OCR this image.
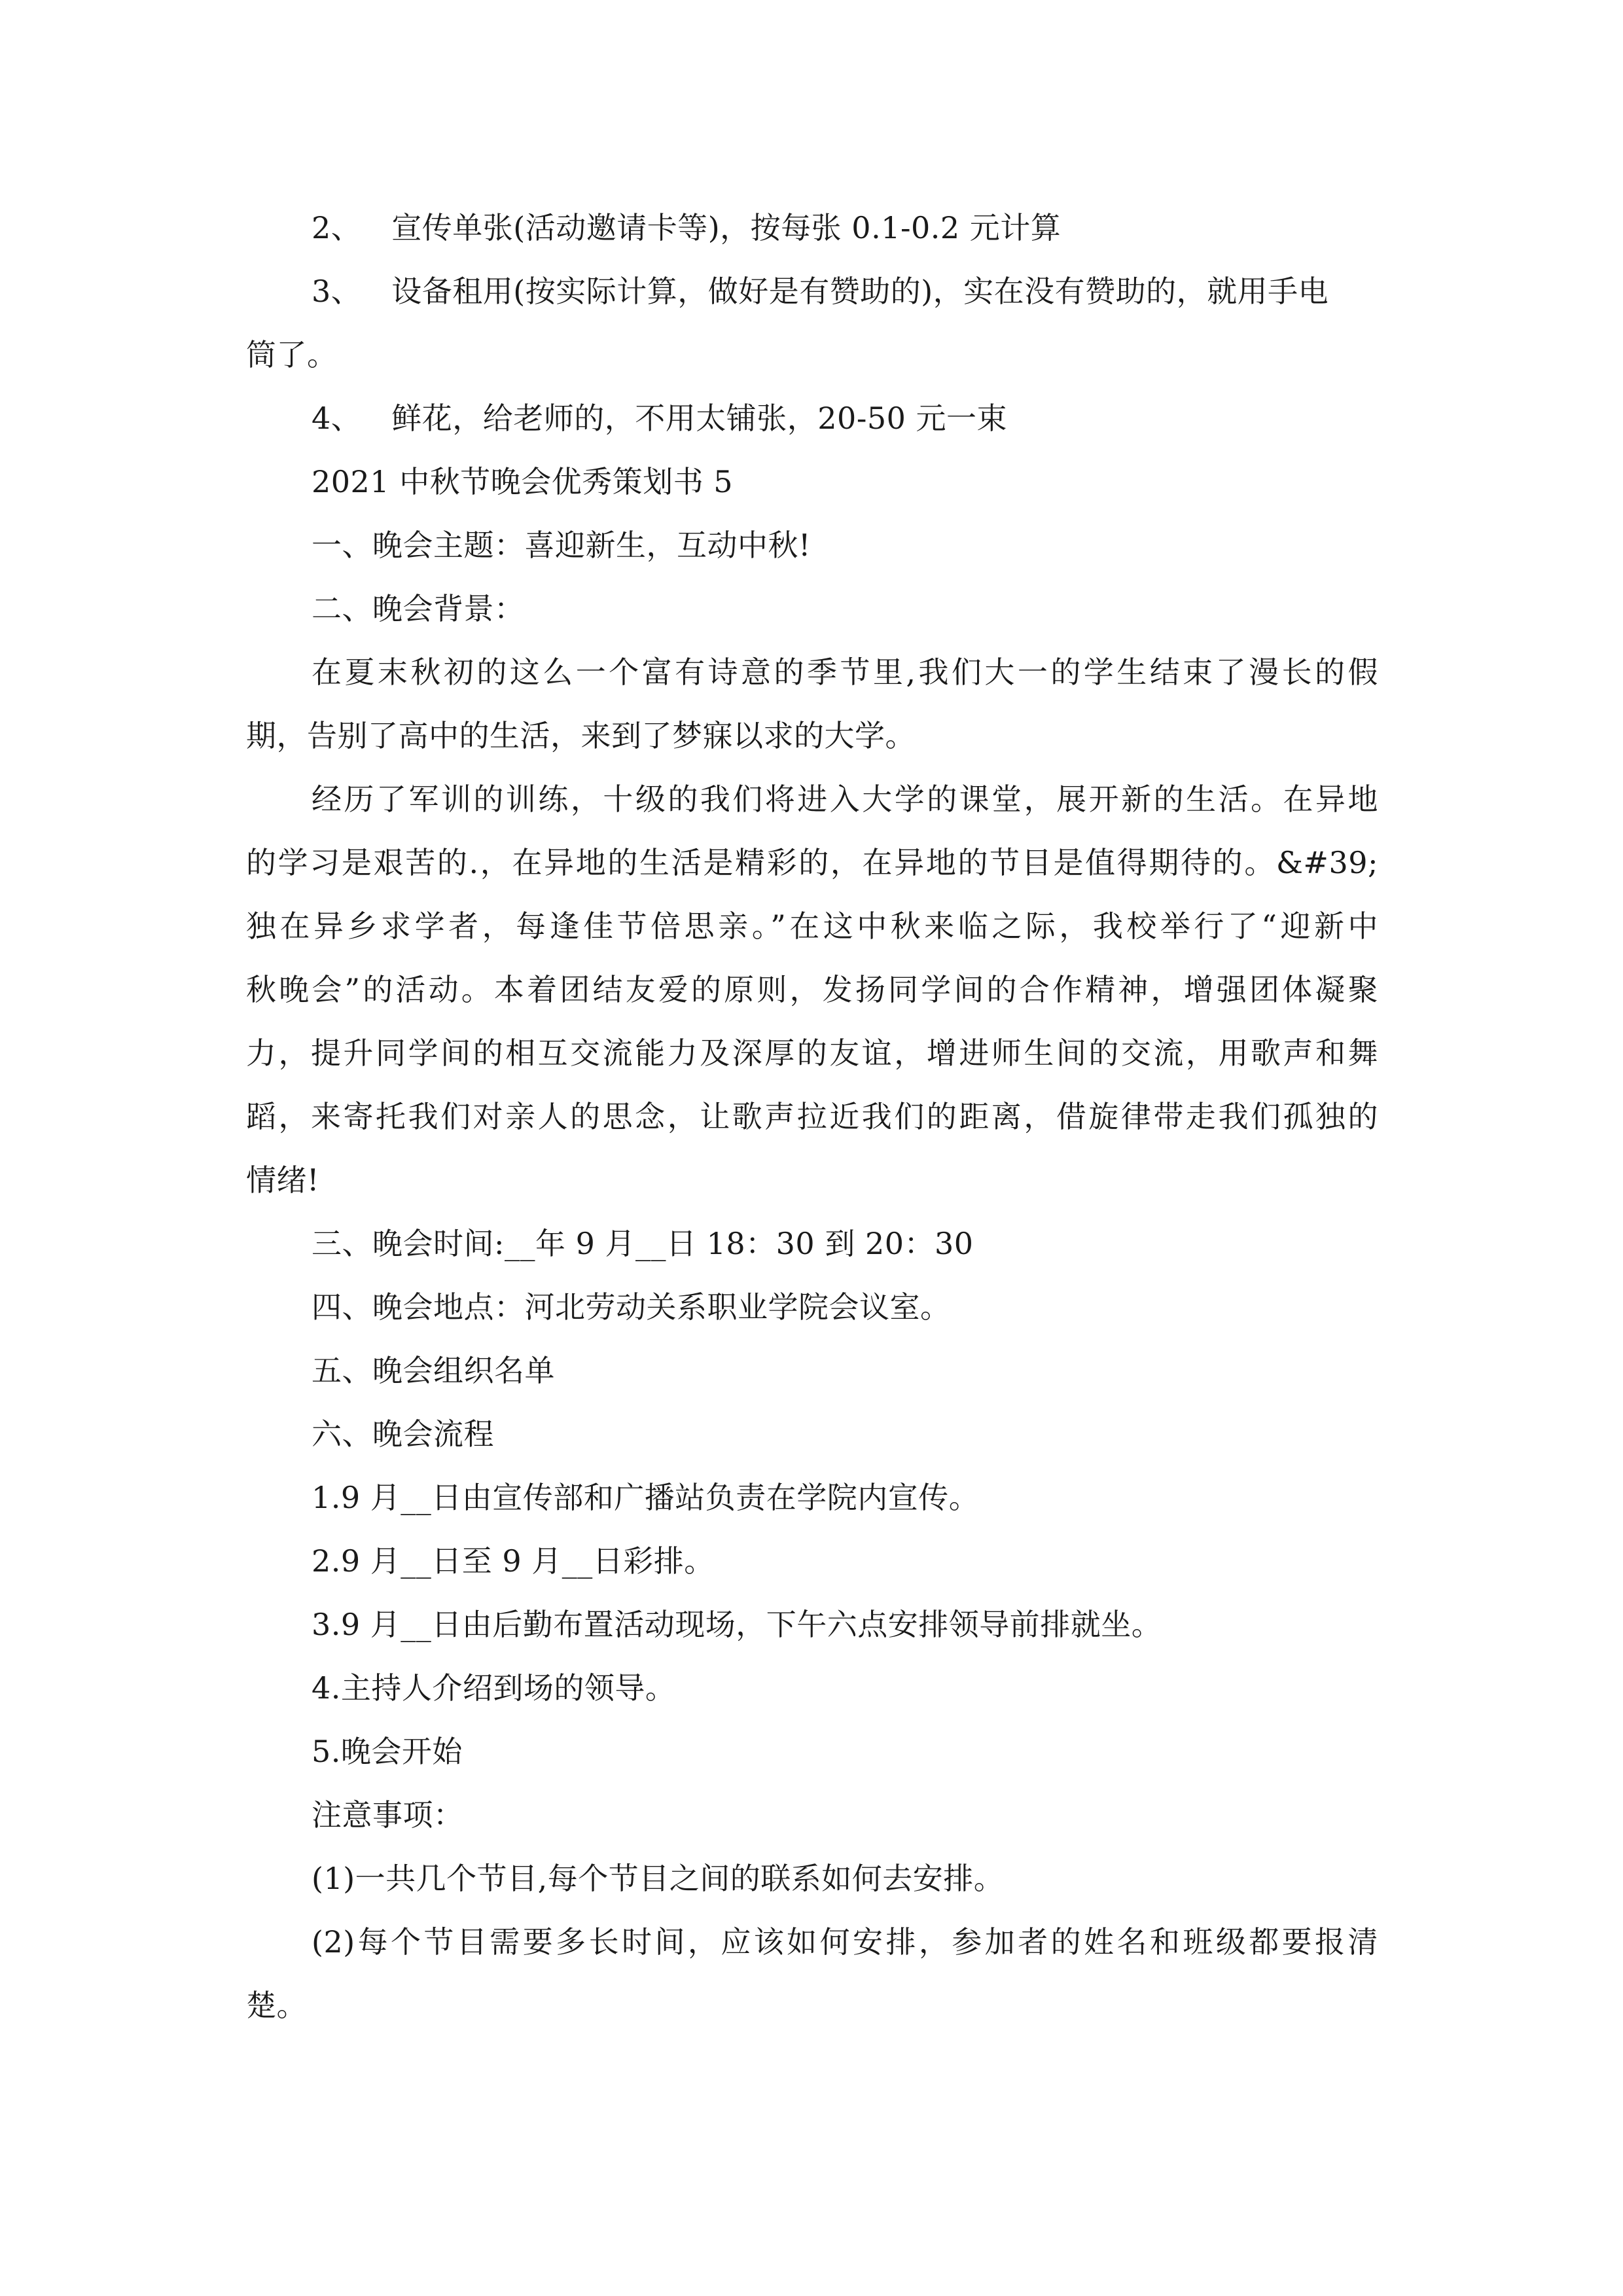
2、 宣传单张(活动邀请卡等)，按每张 0.1-0.2 元计算
3、 设备租用(按实际计算，做好是有赞助的)，实在没有赞助的，就用手电
筒了。
4、 鲜花，给老师的，不用太铺张，20-50 元一束
2021 中秋节晚会优秀策划书 5
一、晚会主题：喜迎新生，互动中秋!
二、晚会背景：
在夏末秋初的这么一个富有诗意的季节里,我们大一的学生结束了漫长的假
期，告别了高中的生活，来到了梦寐以求的大学。
经历了军训的训练，十级的我们将进入大学的课堂，展开新的生活。在异地
的学习是艰苦的.，在异地的生活是精彩的，在异地的节目是值得期待的。&#39;
独在异乡求学者，每逢佳节倍思亲。”在这中秋来临之际，我校举行了“迎新中
秋晚会”的活动。本着团结友爱的原则，发扬同学间的合作精神，增强团体凝聚
力，提升同学间的相互交流能力及深厚的友谊，增进师生间的交流，用歌声和舞
蹈，来寄托我们对亲人的思念，让歌声拉近我们的距离，借旋律带走我们孤独的
情绪!
三、晚会时间:__年 9 月__日 18：30 到 20：30
四、晚会地点：河北劳动关系职业学院会议室。
五、晚会组织名单
六、晚会流程
1.9 月__日由宣传部和广播站负责在学院内宣传。
2.9 月__日至 9 月__日彩排。
3.9 月__日由后勤布置活动现场，下午六点安排领导前排就坐。
4.主持人介绍到场的领导。
5.晚会开始
注意事项：
(1)一共几个节目,每个节目之间的联系如何去安排。
(2)每个节目需要多长时间，应该如何安排，参加者的姓名和班级都要报清
楚。
